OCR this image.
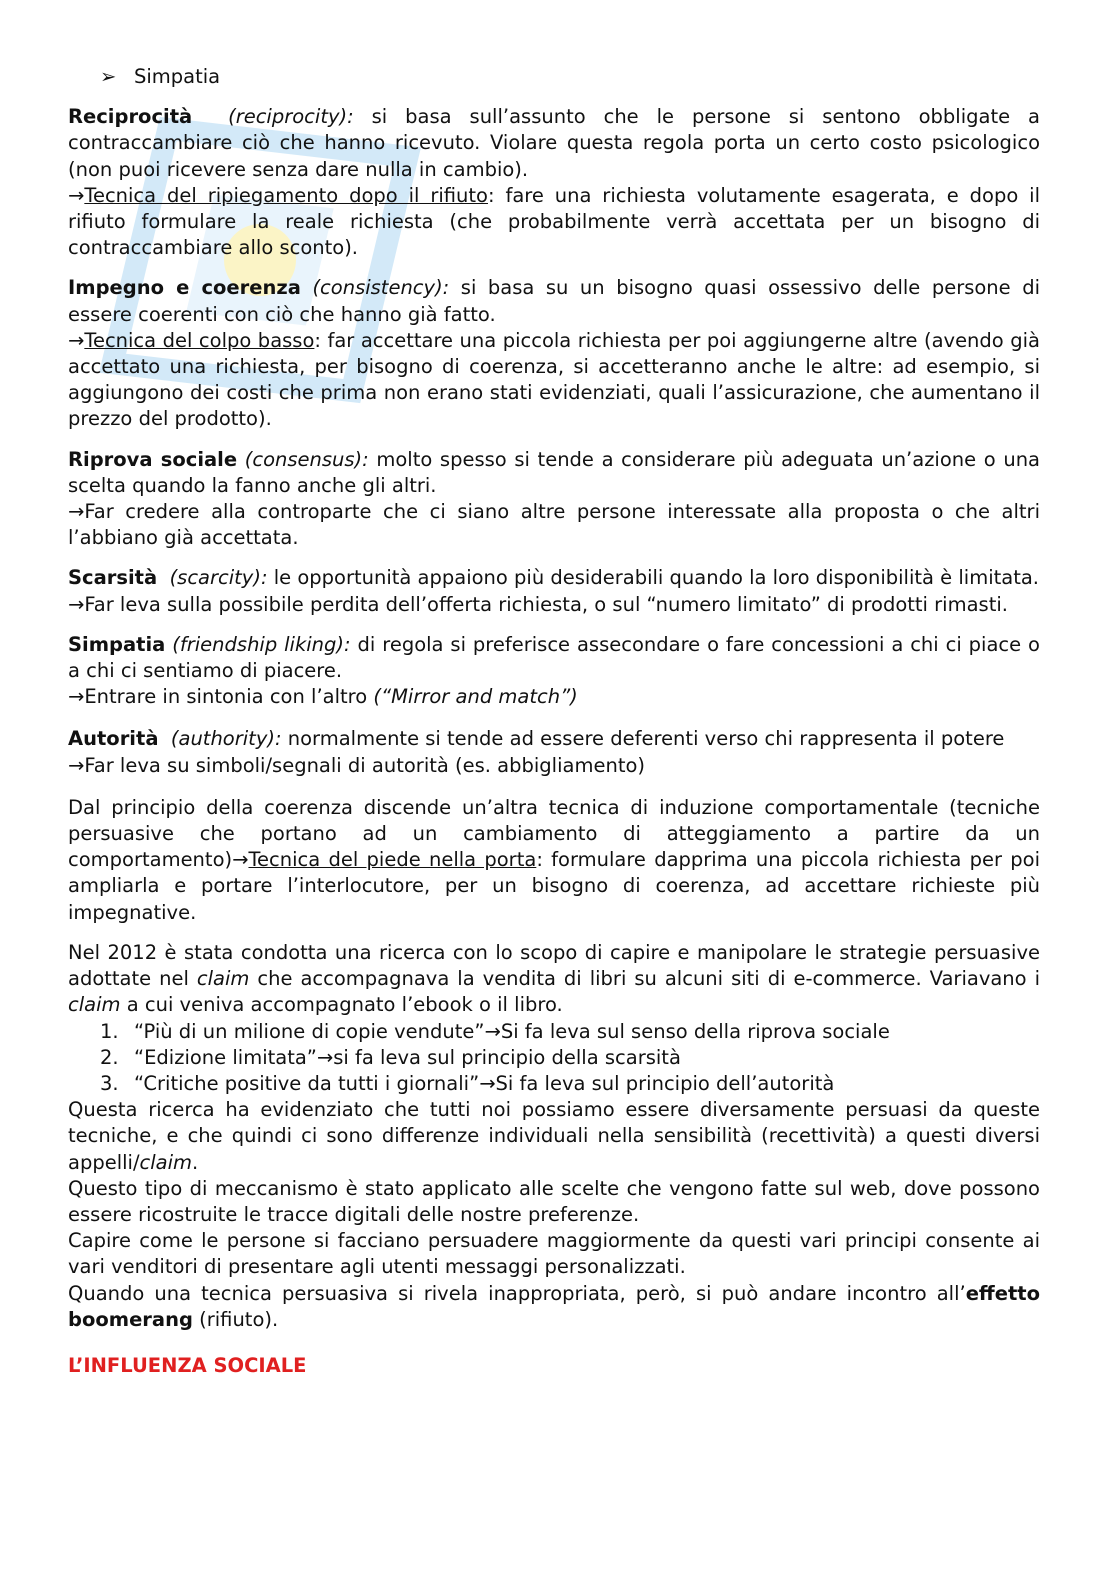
➢ Simpatia

Reciprocità (reciprocity): si basa sull’assunto che le persone si sentono obbligate a contraccambiare ciò che hanno ricevuto. Violare questa regola porta un certo costo psicologico (non puoi ricevere senza dare nulla in cambio).

→Tecnica del ripiegamento dopo il rifiuto: fare una richiesta volutamente esagerata, e dopo il rifiuto formulare la reale richiesta (che probabilmente verrà accettata per un bisogno di contraccambiare allo sconto).

Impegno e coerenza (consistency): si basa su un bisogno quasi ossessivo delle persone di essere coerenti con ciò che hanno già fatto.

→Tecnica del colpo basso: far accettare una piccola richiesta per poi aggiungerne altre (avendo già accettato una richiesta, per bisogno di coerenza, si accetteranno anche le altre: ad esempio, si aggiungono dei costi che prima non erano stati evidenziati, quali l’assicurazione, che aumentano il prezzo del prodotto).

Riprova sociale (consensus): molto spesso si tende a considerare più adeguata un’azione o una scelta quando la fanno anche gli altri.

→Far credere alla controparte che ci siano altre persone interessate alla proposta o che altri l’abbiano già accettata.

Scarsità (scarcity): le opportunità appaiono più desiderabili quando la loro disponibilità è limitata.

→Far leva sulla possibile perdita dell’offerta richiesta, o sul “numero limitato” di prodotti rimasti.

Simpatia (friendship liking): di regola si preferisce assecondare o fare concessioni a chi ci piace o a chi ci sentiamo di piacere.

→Entrare in sintonia con l’altro (“Mirror and match”)

Autorità (authority): normalmente si tende ad essere deferenti verso chi rappresenta il potere

→Far leva su simboli/segnali di autorità (es. abbigliamento)

Dal principio della coerenza discende un’altra tecnica di induzione comportamentale (tecniche persuasive che portano ad un cambiamento di atteggiamento a partire da un comportamento)→Tecnica del piede nella porta: formulare dapprima una piccola richiesta per poi ampliarla e portare l’interlocutore, per un bisogno di coerenza, ad accettare richieste più impegnative.

Nel 2012 è stata condotta una ricerca con lo scopo di capire e manipolare le strategie persuasive adottate nel claim che accompagnava la vendita di libri su alcuni siti di e-commerce. Variavano i claim a cui veniva accompagnato l’ebook o il libro.

1. “Più di un milione di copie vendute”→Si fa leva sul senso della riprova sociale
2. “Edizione limitata”→si fa leva sul principio della scarsità
3. “Critiche positive da tutti i giornali”→Si fa leva sul principio dell’autorità

Questa ricerca ha evidenziato che tutti noi possiamo essere diversamente persuasi da queste tecniche, e che quindi ci sono differenze individuali nella sensibilità (recettività) a questi diversi appelli/claim.

Questo tipo di meccanismo è stato applicato alle scelte che vengono fatte sul web, dove possono essere ricostruite le tracce digitali delle nostre preferenze.

Capire come le persone si facciano persuadere maggiormente da questi vari principi consente ai vari venditori di presentare agli utenti messaggi personalizzati.

Quando una tecnica persuasiva si rivela inappropriata, però, si può andare incontro all’effetto boomerang (rifiuto).

L’INFLUENZA SOCIALE
